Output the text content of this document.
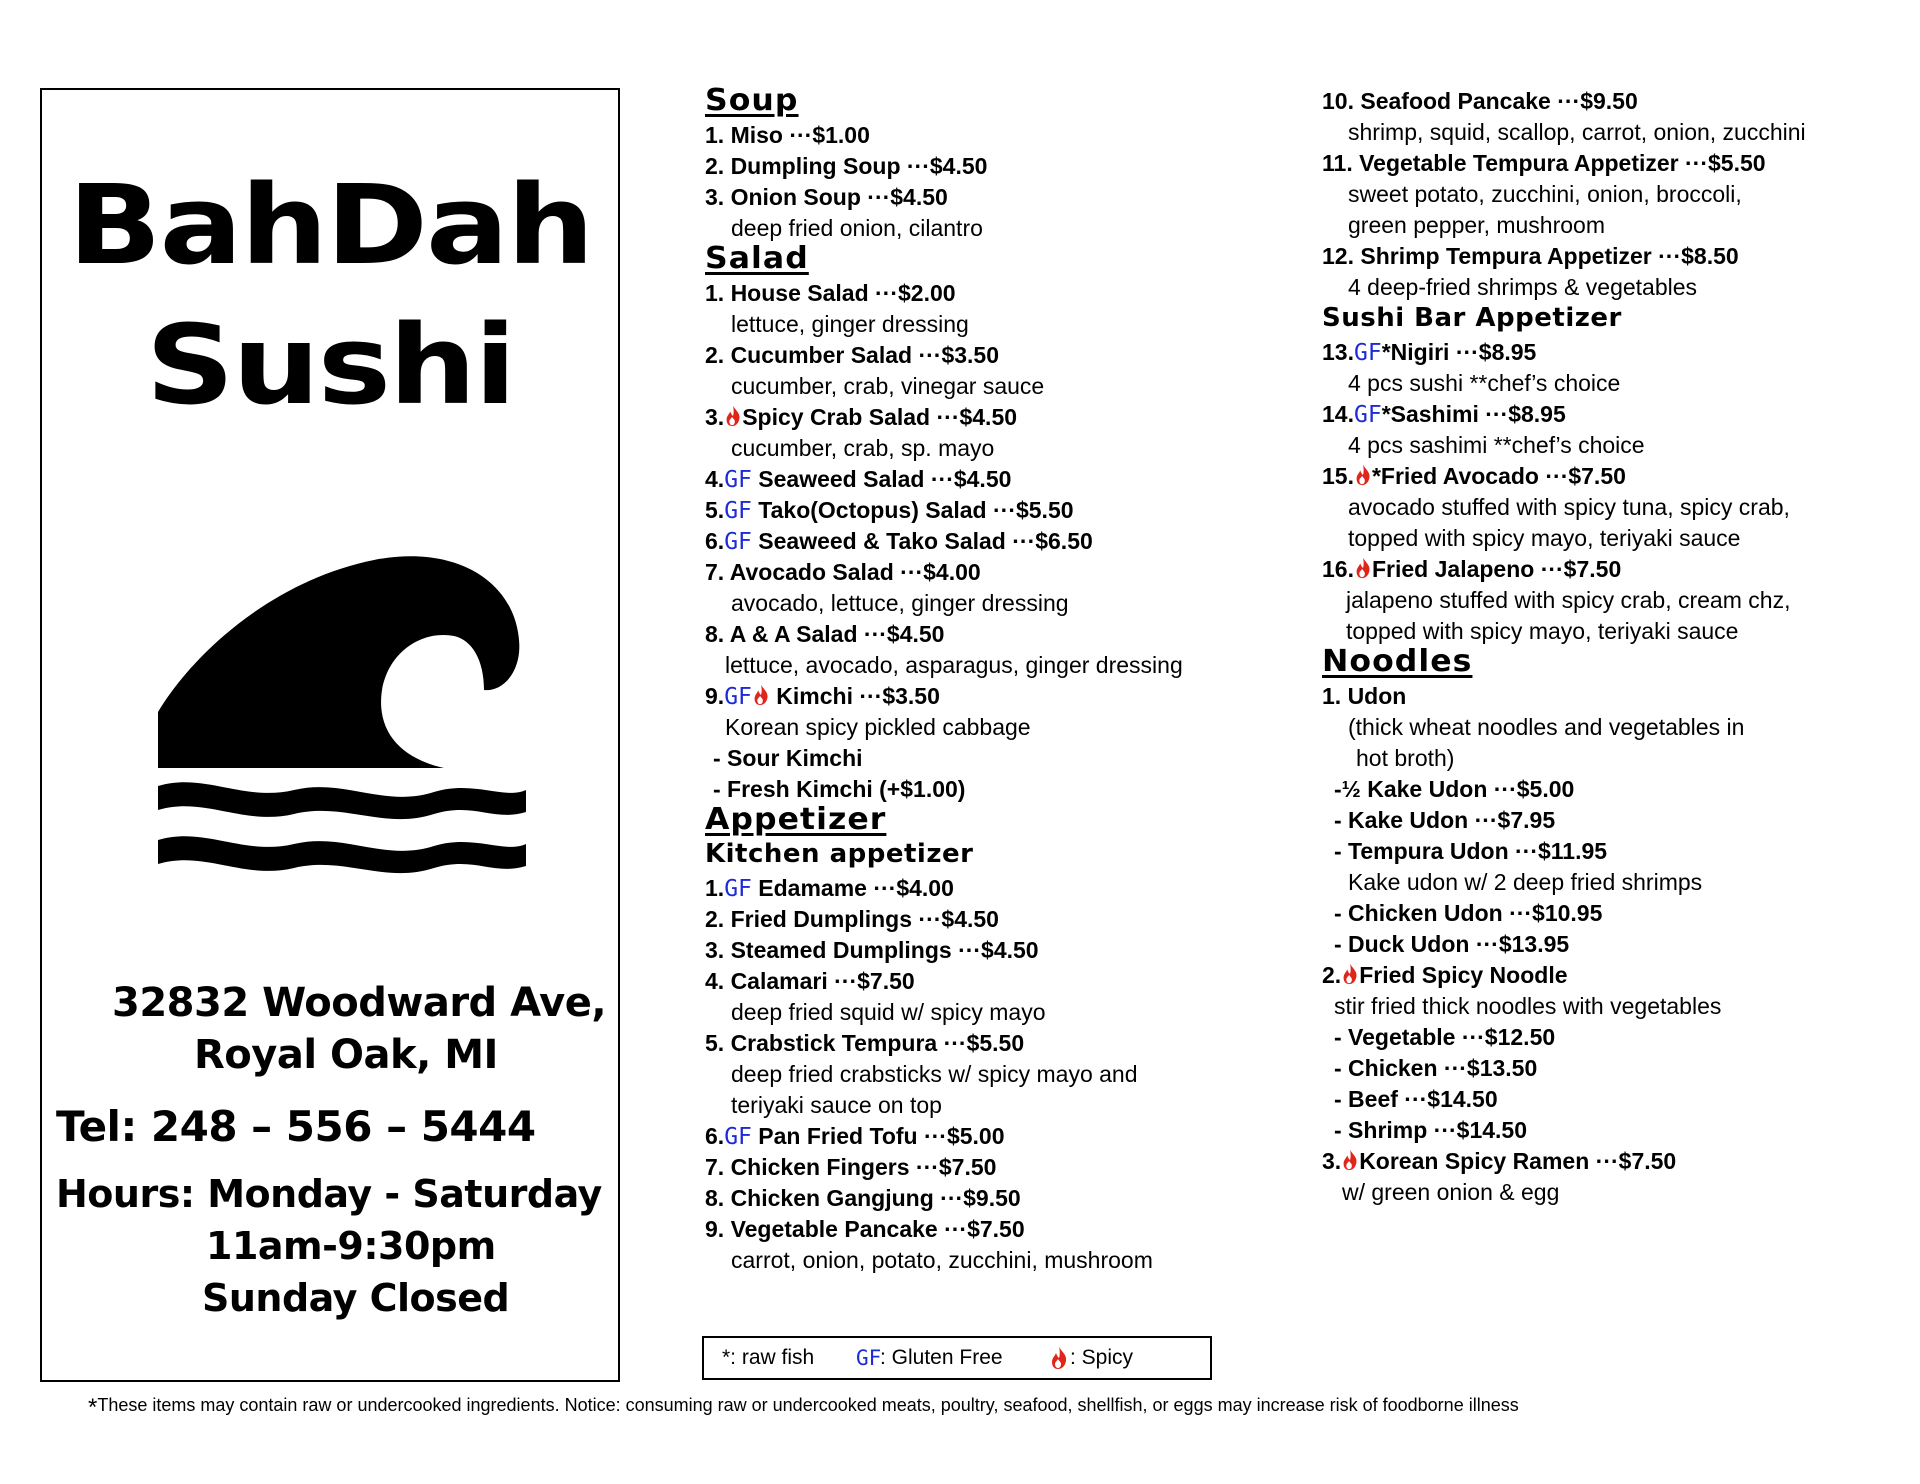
BahDah
Sushi
32832 Woodward Ave,
Royal Oak, MI
Tel: 248 – 556 – 5444
Hours: Monday - Saturday
11am-9:30pm
Sunday Closed
Soup
1. Miso ···$1.00
2. Dumpling Soup ···$4.50
3. Onion Soup ···$4.50
deep fried onion, cilantro
Salad
1. House Salad ···$2.00
lettuce, ginger dressing
2. Cucumber Salad ···$3.50
cucumber, crab, vinegar sauce
3. Spicy Crab Salad ···$4.50
cucumber, crab, sp. mayo
4.GF Seaweed Salad ···$4.50
5.GF Tako(Octopus) Salad ···$5.50
6.GF Seaweed & Tako Salad ···$6.50
7. Avocado Salad ···$4.00
avocado, lettuce, ginger dressing
8. A & A Salad ···$4.50
lettuce, avocado, asparagus, ginger dressing
9.GF Kimchi ···$3.50
Korean spicy pickled cabbage
- Sour Kimchi
- Fresh Kimchi (+$1.00)
Appetizer
Kitchen appetizer
1.GF Edamame ···$4.00
2. Fried Dumplings ···$4.50
3. Steamed Dumplings ···$4.50
4. Calamari ···$7.50
deep fried squid w/ spicy mayo
5. Crabstick Tempura ···$5.50
deep fried crabsticks w/ spicy mayo and
teriyaki sauce on top
6.GF Pan Fried Tofu ···$5.00
7. Chicken Fingers ···$7.50
8. Chicken Gangjung ···$9.50
9. Vegetable Pancake ···$7.50
carrot, onion, potato, zucchini, mushroom
10. Seafood Pancake ···$9.50
shrimp, squid, scallop, carrot, onion, zucchini
11. Vegetable Tempura Appetizer ···$5.50
sweet potato, zucchini, onion, broccoli,
green pepper, mushroom
12. Shrimp Tempura Appetizer ···$8.50
4 deep-fried shrimps & vegetables
Sushi Bar Appetizer
13.GF*Nigiri ···$8.95
4 pcs sushi **chef’s choice
14.GF*Sashimi ···$8.95
4 pcs sashimi **chef’s choice
15. *Fried Avocado ···$7.50
avocado stuffed with spicy tuna, spicy crab,
topped with spicy mayo, teriyaki sauce
16. Fried Jalapeno ···$7.50
jalapeno stuffed with spicy crab, cream chz,
topped with spicy mayo, teriyaki sauce
Noodles
1. Udon
(thick wheat noodles and vegetables in
hot broth)
-½ Kake Udon ···$5.00
- Kake Udon ···$7.95
- Tempura Udon ···$11.95
Kake udon w/ 2 deep fried shrimps
- Chicken Udon ···$10.95
- Duck Udon ···$13.95
2. Fried Spicy Noodle
stir fried thick noodles with vegetables
- Vegetable ···$12.50
- Chicken ···$13.50
- Beef ···$14.50
- Shrimp ···$14.50
3. Korean Spicy Ramen ···$7.50
w/ green onion & egg
*: raw fish GF
: Gluten Free	: Spicy
*These items may contain raw or undercooked ingredients. Notice: consuming raw or undercooked meats, poultry, seafood, shellfish, or eggs may increase risk of foodborne illness
